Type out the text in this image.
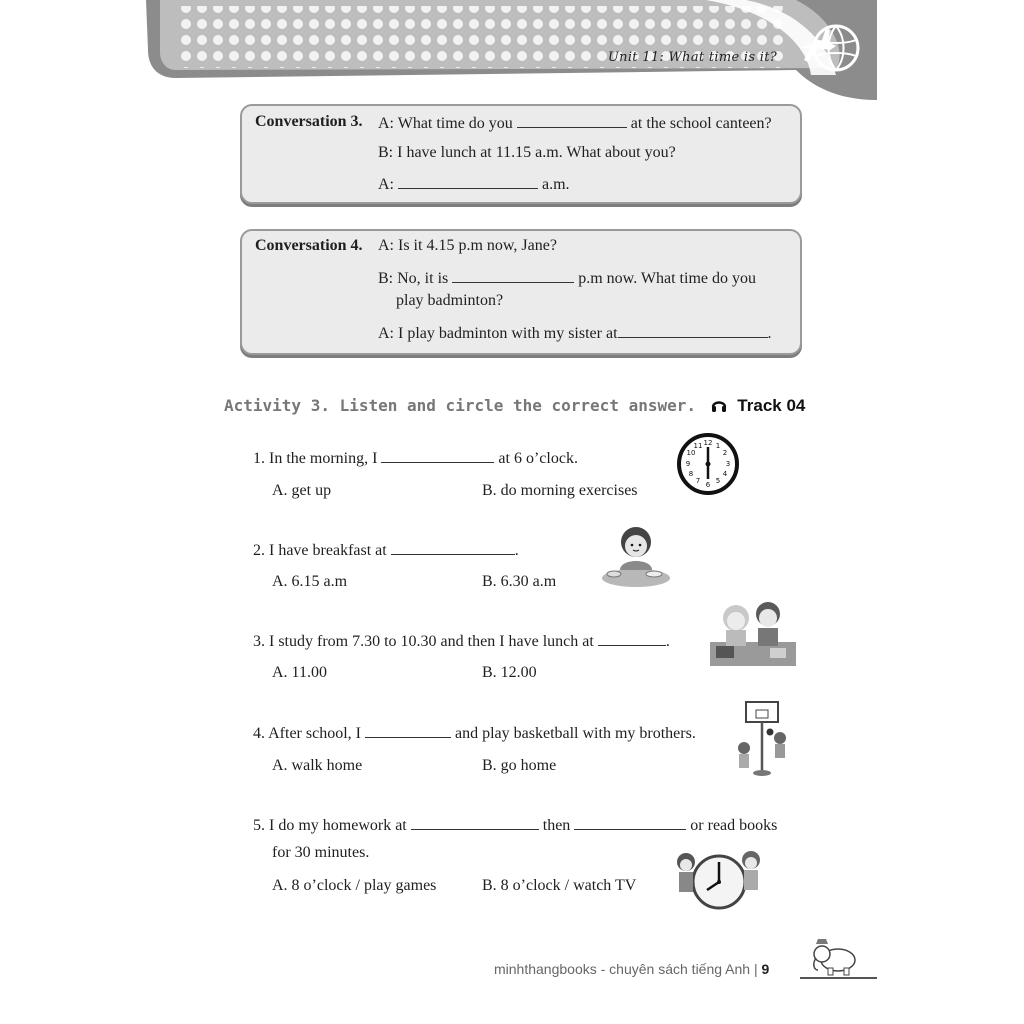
Unit 11: What time is it?
Conversation 3. A: What time do you	at the school canteen?
B: I have lunch at 11.15 a.m. What about you?
A:	a.m.
Conversation 4. A: Is it 4.15 p.m now, Jane?
B: No, it is	p.m now. What time do you
play badminton?
A: I play badminton with my sister at	.
Activity 3. Listen and circle the correct answer. Track 04
1. In the morning, I	at 6 o’clock.
A. get up	B. do morning exercises
2. I have breakfast at	.
A. 6.15 a.m	B. 6.30 a.m
3. I study from 7.30 to 10.30 and then I have lunch at	.
A. 11.00	B. 12.00
4. After school, I	and play basketball with my brothers.
A. walk home	B. go home
5. I do my homework at	then	or read books
for 30 minutes.
A. 8 o’clock / play games	B. 8 o’clock / watch TV
12 1
2
3
4
5
6
7
8
9
10
11
minhthangbooks - chuyên sách tiếng Anh | 9
